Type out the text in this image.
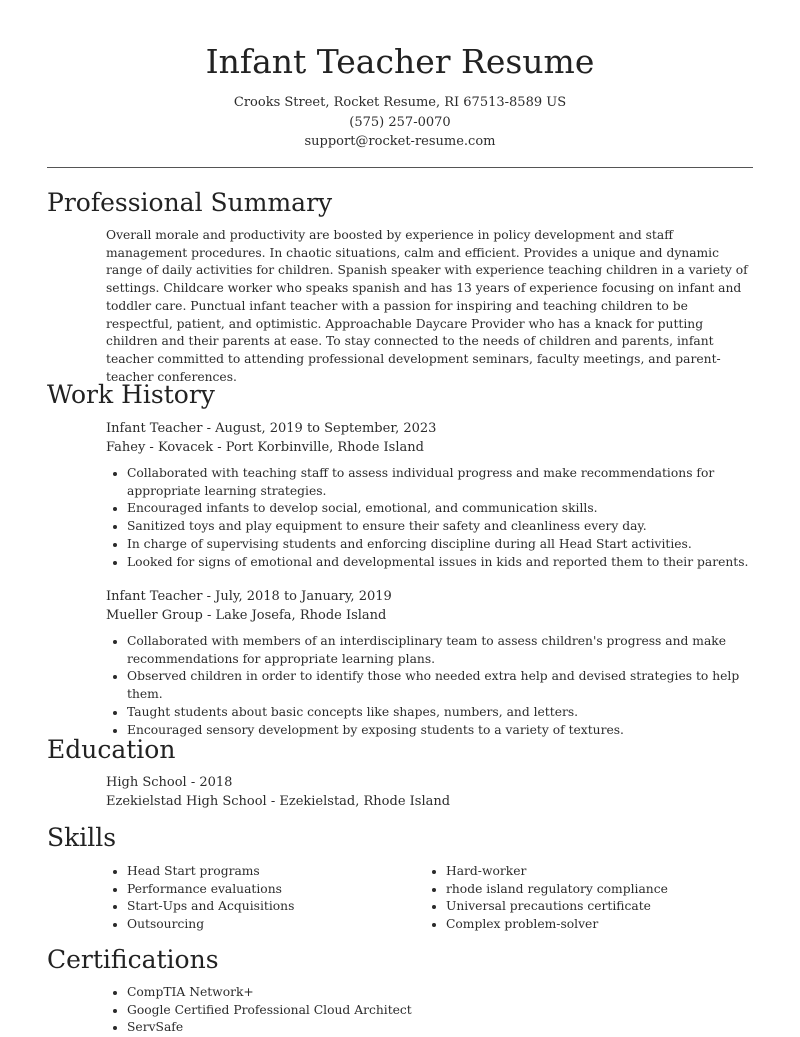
Infant Teacher Resume
Crooks Street, Rocket Resume, RI 67513-8589 US
(575) 257-0070
support@rocket-resume.com
Professional Summary
Overall morale and productivity are boosted by experience in policy development and staff management procedures. In chaotic situations, calm and efficient. Provides a unique and dynamic range of daily activities for children. Spanish speaker with experience teaching children in a variety of settings. Childcare worker who speaks spanish and has 13 years of experience focusing on infant and toddler care. Punctual infant teacher with a passion for inspiring and teaching children to be respectful, patient, and optimistic. Approachable Daycare Provider who has a knack for putting children and their parents at ease. To stay connected to the needs of children and parents, infant teacher committed to attending professional development seminars, faculty meetings, and parent-teacher conferences.
Work History
Infant Teacher - August, 2019 to September, 2023
Fahey - Kovacek - Port Korbinville, Rhode Island
• Collaborated with teaching staff to assess individual progress and make recommendations for appropriate learning strategies.
• Encouraged infants to develop social, emotional, and communication skills.
• Sanitized toys and play equipment to ensure their safety and cleanliness every day.
• In charge of supervising students and enforcing discipline during all Head Start activities.
• Looked for signs of emotional and developmental issues in kids and reported them to their parents.
Infant Teacher - July, 2018 to January, 2019
Mueller Group - Lake Josefa, Rhode Island
• Collaborated with members of an interdisciplinary team to assess children's progress and make recommendations for appropriate learning plans.
• Observed children in order to identify those who needed extra help and devised strategies to help them.
• Taught students about basic concepts like shapes, numbers, and letters.
• Encouraged sensory development by exposing students to a variety of textures.
Education
High School - 2018
Ezekielstad High School - Ezekielstad, Rhode Island
Skills
• Head Start programs
• Performance evaluations
• Start-Ups and Acquisitions
• Outsourcing
• Hard-worker
• rhode island regulatory compliance
• Universal precautions certificate
• Complex problem-solver
Certifications
• CompTIA Network+
• Google Certified Professional Cloud Architect
• ServSafe
